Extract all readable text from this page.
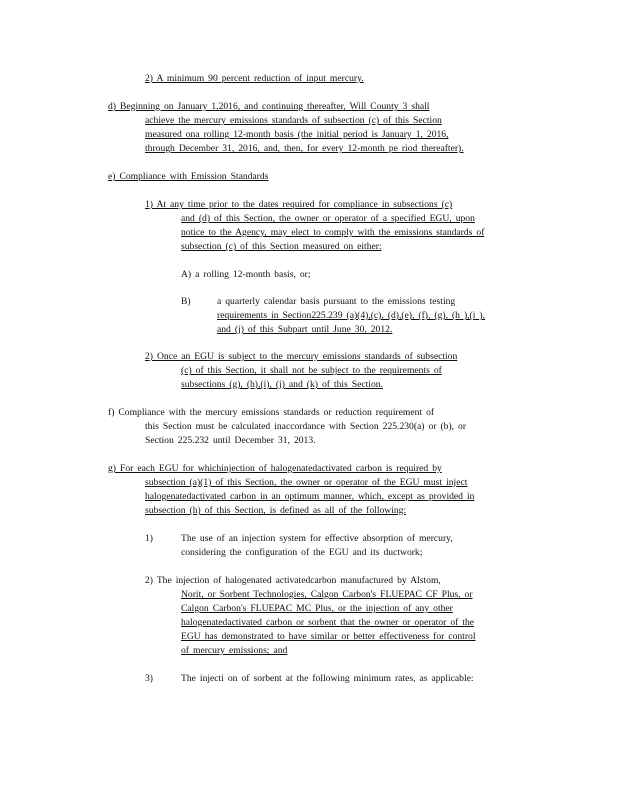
2) A minimum 90 percent reduction of input mercury.
d) Beginning on January 1,2016, and continuing thereafter, Will County 3 shall
achieve the mercury emissions standards of subsection (c) of this Section
measured ona rolling 12-month basis (the initial period is January 1, 2016,
through December 31, 2016, and, then, for every 12-month pe riod thereafter).
e) Compliance with Emission Standards
1) At any time prior to the dates required for compliance in subsections (c)
and (d) of this Section, the owner or operator of a specified EGU, upon
notice to the Agency, may elect to comply with the emissions standards of
subsection (c) of this Section measured on either:
A) a rolling 12-month basis, or;
B)	a quarterly calendar basis pursuant to the emissions testing
requirements in Section225.239 (a)(4),(c), (d),(e), (f), (g), (h ),(i ),
and (j) of this Subpart until June 30, 2012.
2) Once an EGU is subject to the mercury emissions standards of subsection
(c) of this Section, it shall not be subject to the requirements of
subsections (g), (h),(i), (j) and (k) of this Section.
f) Compliance with the mercury emissions standards or reduction requirement of
this Section must be calculated inaccordance with Section 225.230(a) or (b), or
Section 225.232 until December 31, 2013.
g) For each EGU for whichinjection of halogenatedactivated carbon is required by
subsection (a)(1) of this Section, the owner or operator of the EGU must inject
halogenatedactivated carbon in an optimum manner, which, except as provided in
subsection (h) of this Section, is defined as all of the following:
1)	The use of an injection system for effective absorption of mercury,
considering the configuration of the EGU and its ductwork;
2) The injection of halogenated activatedcarbon manufactured by Alstom,
Norit, or Sorbent Technologies, Calgon Carbon's FLUEPAC CF Plus, or
Calgon Carbon's FLUEPAC MC Plus, or the injection of any other
halogenatedactivated carbon or sorbent that the owner or operator of the
EGU has demonstrated to have similar or better effectiveness for control
of mercury emissions; and
3)	The injecti on of sorbent at the following minimum rates, as applicable:
